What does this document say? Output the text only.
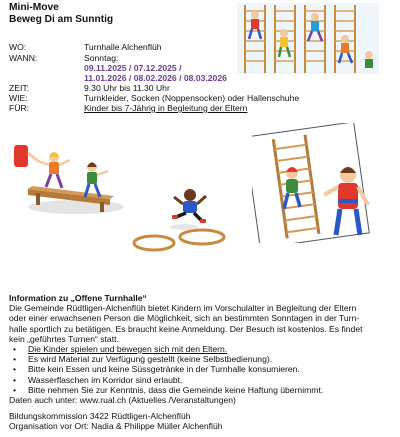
Mini-Move
Beweg Di am Sunntig
WO:	Turnhalle Alchenflüh
WANN:	Sonntag:
09.11.2025 / 07.12.2025 /
11.01.2026 / 08.02.2026 / 08.03.2026
ZEIT:	9.30 Uhr bis 11.30 Uhr
WIE:	Turnkleider, Socken (Noppensocken) oder Hallenschuhe
FÜR:	Kinder bis 7-Jährig in Begleitung der Eltern
Information zu „Offene Turnhalle“

Die Gemeinde Rüdtligen-Alchenflüh bietet Kindern im Vorschulalter in Begleitung der Eltern

oder einer erwachsenen Person die Möglichkeit, sich an bestimmten Sonntagen in der Turn-

halle sportlich zu betätigen. Es braucht keine Anmeldung. Der Besuch ist kostenlos. Es findet

kein „geführtes Turnen“ statt.

• Die Kinder spielen und bewegen sich mit den Eltern.
• Es wird Material zur Verfügung gestellt (keine Selbstbedienung).
• Bitte kein Essen und keine Süssgetränke in der Turnhalle konsumieren.
• Wasserflaschen im Korridor sind erlaubt.
• Bitte nehmen Sie zur Kenntnis, dass die Gemeinde keine Haftung übernimmt.

Daten auch unter: www.rual.ch (Aktuelles /Veranstaltungen)

Bildungskommission 3422 Rüdtligen-Alchenflüh
Organisation vor Ort: Nadia & Philippe Müller Alchenflüh
